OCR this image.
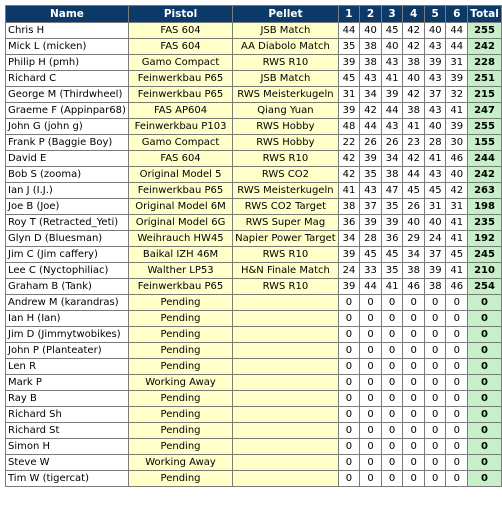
Name	Pistol	Pellet	1	2	3	4	5	6	Total
Chris H	FAS 604	JSB Match	44	40	45	42	40	44	255
Mick L (micken)	FAS 604	AA Diabolo Match	35	38	40	42	43	44	242
Philip H (pmh)	Gamo Compact	RWS R10	39	38	43	38	39	31	228
Richard C	Feinwerkbau P65	JSB Match	45	43	41	40	43	39	251
George M (Thirdwheel)	Feinwerkbau P65	RWS Meisterkugeln	31	34	39	42	37	32	215
Graeme F (Appinpar68)	FAS AP604	Qiang Yuan	39	42	44	38	43	41	247
John G (john g)	Feinwerkbau P103	RWS Hobby	48	44	43	41	40	39	255
Frank P (Baggie Boy)	Gamo Compact	RWS Hobby	22	26	26	23	28	30	155
David E	FAS 604	RWS R10	42	39	34	42	41	46	244
Bob S (zooma)	Original Model 5	RWS CO2	42	35	38	44	43	40	242
Ian J (I.J.)	Feinwerkbau P65	RWS Meisterkugeln	41	43	47	45	45	42	263
Joe B (Joe)	Original Model 6M	RWS CO2 Target	38	37	35	26	31	31	198
Roy T (Retracted_Yeti)	Original Model 6G	RWS Super Mag	36	39	39	40	40	41	235
Glyn D (Bluesman)	Weihrauch HW45	Napier Power Target	34	28	36	29	24	41	192
Jim C (Jim caffery)	Baikal IZH 46M	RWS R10	39	45	45	34	37	45	245
Lee C (Nyctophiliac)	Walther LP53	H&N Finale Match	24	33	35	38	39	41	210
Graham B (Tank)	Feinwerkbau P65	RWS R10	39	44	41	46	38	46	254
Andrew M (karandras)	Pending		0	0	0	0	0	0	0
Ian H (Ian)	Pending		0	0	0	0	0	0	0
Jim D (Jimmytwobikes)	Pending		0	0	0	0	0	0	0
John P (Planteater)	Pending		0	0	0	0	0	0	0
Len R	Pending		0	0	0	0	0	0	0
Mark P	Working Away		0	0	0	0	0	0	0
Ray B	Pending		0	0	0	0	0	0	0
Richard Sh	Pending		0	0	0	0	0	0	0
Richard St	Pending		0	0	0	0	0	0	0
Simon H	Pending		0	0	0	0	0	0	0
Steve W	Working Away		0	0	0	0	0	0	0
Tim W (tigercat)	Pending		0	0	0	0	0	0	0
